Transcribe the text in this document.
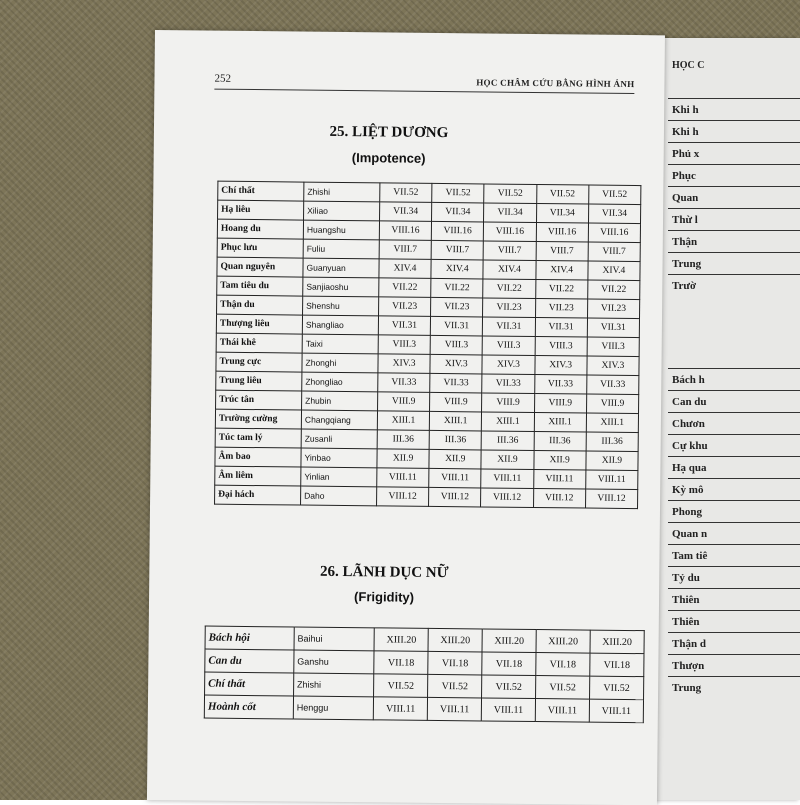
HỌC C
Khi h
Khi h
Phủ x
Phục
Quan
Thừ l
Thận
Trung
Trườ
Bách h
Can du
Chươn
Cự khu
Hạ qua
Kỳ mô
Phong
Quan n
Tam tiê
Tỷ du
Thiên
Thiên
Thận d
Thượn
Trung
252	HỌC CHÂM CỨU BẰNG HÌNH ẢNH
25. LIỆT DƯƠNG
(Impotence)
Chí thất	Zhishi	VII.52	VII.52	VII.52	VII.52	VII.52
Hạ liêu	Xiliao	VII.34	VII.34	VII.34	VII.34	VII.34
Hoang du	Huangshu	VIII.16	VIII.16	VIII.16	VIII.16	VIII.16
Phục lưu	Fuliu	VIII.7	VIII.7	VIII.7	VIII.7	VIII.7
Quan nguyên	Guanyuan	XIV.4	XIV.4	XIV.4	XIV.4	XIV.4
Tam tiêu du	Sanjiaoshu	VII.22	VII.22	VII.22	VII.22	VII.22
Thận du	Shenshu	VII.23	VII.23	VII.23	VII.23	VII.23
Thượng liêu	Shangliao	VII.31	VII.31	VII.31	VII.31	VII.31
Thái khê	Taixi	VIII.3	VIII.3	VIII.3	VIII.3	VIII.3
Trung cực	Zhonghi	XIV.3	XIV.3	XIV.3	XIV.3	XIV.3
Trung liêu	Zhongliao	VII.33	VII.33	VII.33	VII.33	VII.33
Trúc tân	Zhubin	VIII.9	VIII.9	VIII.9	VIII.9	VIII.9
Trường cường	Changqiang	XIII.1	XIII.1	XIII.1	XIII.1	XIII.1
Túc tam lý	Zusanli	III.36	III.36	III.36	III.36	III.36
Âm bao	Yinbao	XII.9	XII.9	XII.9	XII.9	XII.9
Âm liêm	Yinlian	VIII.11	VIII.11	VIII.11	VIII.11	VIII.11
Đại hách	Daho	VIII.12	VIII.12	VIII.12	VIII.12	VIII.12
26. LÃNH DỤC NỮ
(Frigidity)
Bách hội	Baihui	XIII.20	XIII.20	XIII.20	XIII.20	XIII.20
Can du	Ganshu	VII.18	VII.18	VII.18	VII.18	VII.18
Chí thất	Zhishi	VII.52	VII.52	VII.52	VII.52	VII.52
Hoành cốt	Henggu	VIII.11	VIII.11	VIII.11	VIII.11	VIII.11
